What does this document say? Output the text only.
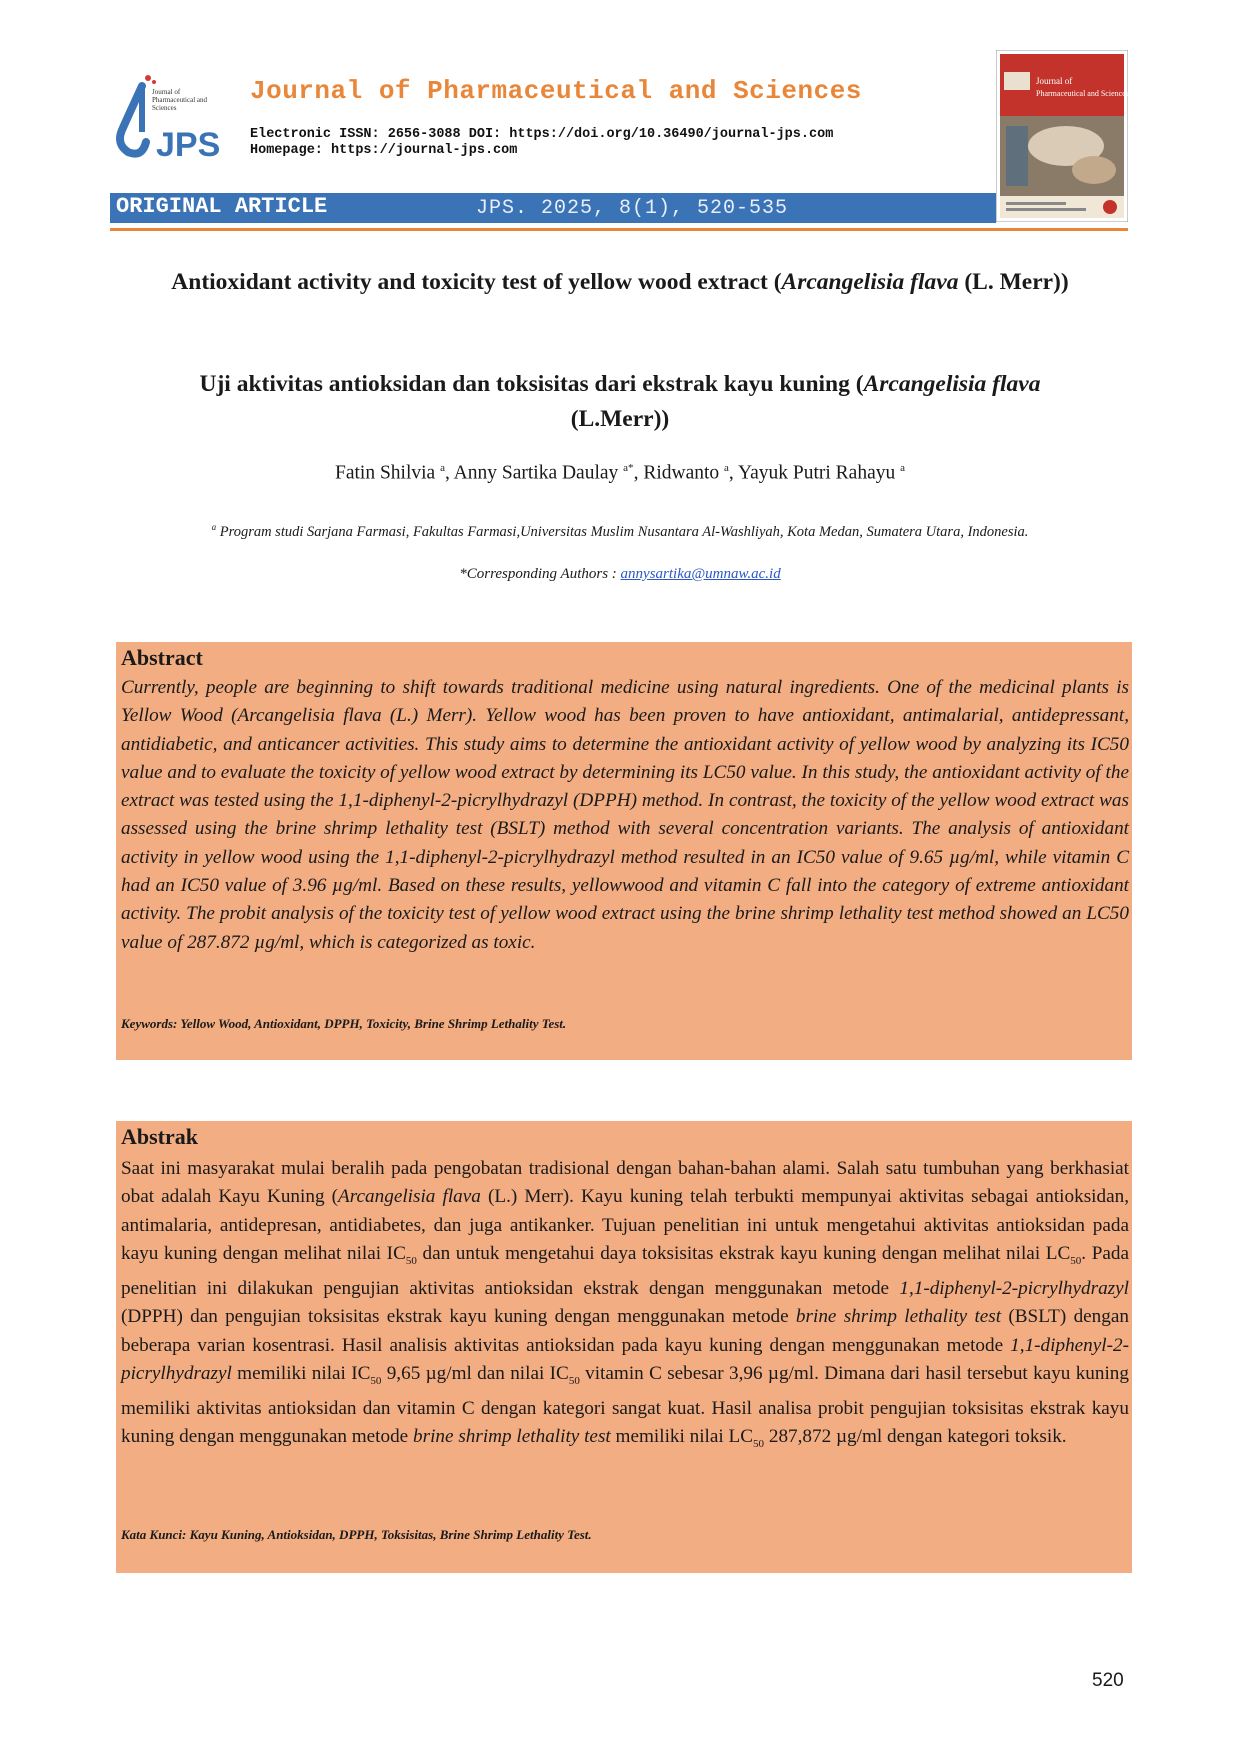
JPS
Journal of
Pharmaceutical and
Sciences
Journal of Pharmaceutical and Sciences
Electronic ISSN: 2656-3088 DOI: https://doi.org/10.36490/journal-jps.com
Homepage: https://journal-jps.com
Journal of
Pharmaceutical and Sciences
ORIGINAL ARTICLE	JPS. 2025, 8(1), 520-535
Antioxidant activity and toxicity test of yellow wood extract (Arcangelisia flava (L. Merr))
Uji aktivitas antioksidan dan toksisitas dari ekstrak kayu kuning (Arcangelisia flava (L.Merr))
Fatin Shilvia $^a$, Anny Sartika Daulay $^{a*}$, Ridwanto $^a$, Yayuk Putri Rahayu $^a$
$^a$ Program studi Sarjana Farmasi, Fakultas Farmasi,Universitas Muslim Nusantara Al-Washliyah, Kota Medan, Sumatera Utara, Indonesia.
*Corresponding Authors : annysartika@umnaw.ac.id
Abstract
Currently, people are beginning to shift towards traditional medicine using natural ingredients. One of the medicinal plants is Yellow Wood (Arcangelisia flava (L.) Merr). Yellow wood has been proven to have antioxidant, antimalarial, antidepressant, antidiabetic, and anticancer activities. This study aims to determine the antioxidant activity of yellow wood by analyzing its IC50 value and to evaluate the toxicity of yellow wood extract by determining its LC50 value. In this study, the antioxidant activity of the extract was tested using the 1,1-diphenyl-2-picrylhydrazyl (DPPH) method. In contrast, the toxicity of the yellow wood extract was assessed using the brine shrimp lethality test (BSLT) method with several concentration variants. The analysis of antioxidant activity in yellow wood using the 1,1-diphenyl-2-picrylhydrazyl method resulted in an IC50 value of 9.65 µg/ml, while vitamin C had an IC50 value of 3.96 µg/ml. Based on these results, yellowwood and vitamin C fall into the category of extreme antioxidant activity. The probit analysis of the toxicity test of yellow wood extract using the brine shrimp lethality test method showed an LC50 value of 287.872 µg/ml, which is categorized as toxic.
Keywords: Yellow Wood, Antioxidant, DPPH, Toxicity, Brine Shrimp Lethality Test.
Abstrak
Saat ini masyarakat mulai beralih pada pengobatan tradisional dengan bahan-bahan alami. Salah satu tumbuhan yang berkhasiat obat adalah Kayu Kuning (Arcangelisia flava (L.) Merr). Kayu kuning telah terbukti mempunyai aktivitas sebagai antioksidan, antimalaria, antidepresan, antidiabetes, dan juga antikanker. Tujuan penelitian ini untuk mengetahui aktivitas antioksidan pada kayu kuning dengan melihat nilai $IC_{50}$ dan untuk mengetahui daya toksisitas ekstrak kayu kuning dengan melihat nilai $LC_{50}$. Pada penelitian ini dilakukan pengujian aktivitas antioksidan ekstrak dengan menggunakan metode 1,1-diphenyl-2-picrylhydrazyl (DPPH) dan pengujian toksisitas ekstrak kayu kuning dengan menggunakan metode brine shrimp lethality test (BSLT) dengan beberapa varian kosentrasi. Hasil analisis aktivitas antioksidan pada kayu kuning dengan menggunakan metode 1,1-diphenyl-2-picrylhydrazyl memiliki nilai $IC_{50}$ 9,65 µg/ml dan nilai $IC_{50}$ vitamin C sebesar 3,96 µg/ml. Dimana dari hasil tersebut kayu kuning memiliki aktivitas antioksidan dan vitamin C dengan kategori sangat kuat. Hasil analisa probit pengujian toksisitas ekstrak kayu kuning dengan menggunakan metode brine shrimp lethality test memiliki nilai $LC_{50}$ 287,872 µg/ml dengan kategori toksik.
Kata Kunci: Kayu Kuning, Antioksidan, DPPH, Toksisitas, Brine Shrimp Lethality Test.
520
